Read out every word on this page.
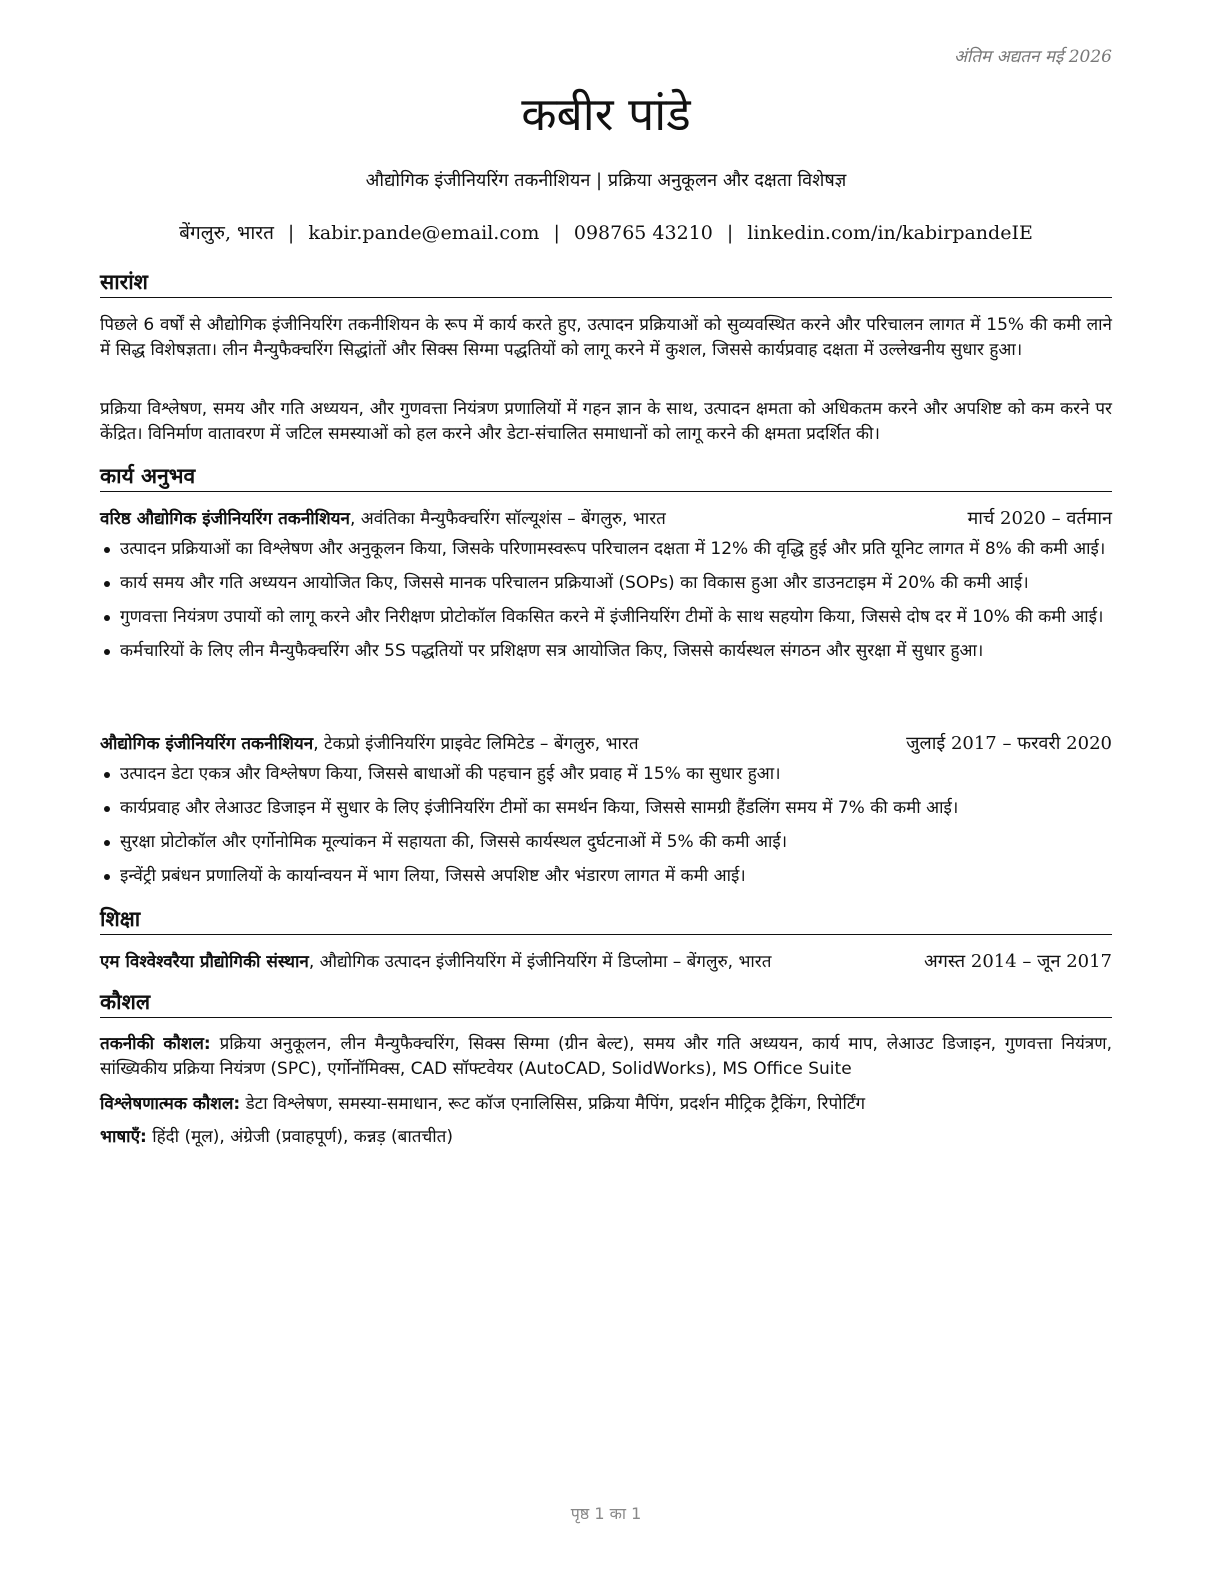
अंतिम अद्यतन मई 2026
कबीर पांडे
औद्योगिक इंजीनियरिंग तकनीशियन | प्रक्रिया अनुकूलन और दक्षता विशेषज्ञ
बेंगलुरु, भारत | kabir.pande@email.com | 098765 43210 | linkedin.com/in/kabirpandeIE
सारांश
पिछले 6 वर्षों से औद्योगिक इंजीनियरिंग तकनीशियन के रूप में कार्य करते हुए, उत्पादन प्रक्रियाओं को सुव्यवस्थित करने और परिचालन लागत में 15% की कमी लाने में सिद्ध विशेषज्ञता। लीन मैन्युफैक्चरिंग सिद्धांतों और सिक्स सिग्मा पद्धतियों को लागू करने में कुशल, जिससे कार्यप्रवाह दक्षता में उल्लेखनीय सुधार हुआ।
प्रक्रिया विश्लेषण, समय और गति अध्ययन, और गुणवत्ता नियंत्रण प्रणालियों में गहन ज्ञान के साथ, उत्पादन क्षमता को अधिकतम करने और अपशिष्ट को कम करने पर केंद्रित। विनिर्माण वातावरण में जटिल समस्याओं को हल करने और डेटा-संचालित समाधानों को लागू करने की क्षमता प्रदर्शित की।
कार्य अनुभव
वरिष्ठ औद्योगिक इंजीनियरिंग तकनीशियन, अवंतिका मैन्युफैक्चरिंग सॉल्यूशंस – बेंगलुरु, भारत	मार्च 2020 – वर्तमान
उत्पादन प्रक्रियाओं का विश्लेषण और अनुकूलन किया, जिसके परिणामस्वरूप परिचालन दक्षता में 12% की वृद्धि हुई और प्रति यूनिट लागत में 8% की कमी आई।
कार्य समय और गति अध्ययन आयोजित किए, जिससे मानक परिचालन प्रक्रियाओं (SOPs) का विकास हुआ और डाउनटाइम में 20% की कमी आई।
गुणवत्ता नियंत्रण उपायों को लागू करने और निरीक्षण प्रोटोकॉल विकसित करने में इंजीनियरिंग टीमों के साथ सहयोग किया, जिससे दोष दर में 10% की कमी आई।
कर्मचारियों के लिए लीन मैन्युफैक्चरिंग और 5S पद्धतियों पर प्रशिक्षण सत्र आयोजित किए, जिससे कार्यस्थल संगठन और सुरक्षा में सुधार हुआ।
औद्योगिक इंजीनियरिंग तकनीशियन, टेकप्रो इंजीनियरिंग प्राइवेट लिमिटेड – बेंगलुरु, भारत	जुलाई 2017 – फरवरी 2020
उत्पादन डेटा एकत्र और विश्लेषण किया, जिससे बाधाओं की पहचान हुई और प्रवाह में 15% का सुधार हुआ।
कार्यप्रवाह और लेआउट डिजाइन में सुधार के लिए इंजीनियरिंग टीमों का समर्थन किया, जिससे सामग्री हैंडलिंग समय में 7% की कमी आई।
सुरक्षा प्रोटोकॉल और एर्गोनोमिक मूल्यांकन में सहायता की, जिससे कार्यस्थल दुर्घटनाओं में 5% की कमी आई।
इन्वेंट्री प्रबंधन प्रणालियों के कार्यान्वयन में भाग लिया, जिससे अपशिष्ट और भंडारण लागत में कमी आई।
शिक्षा
एम विश्वेश्वरैया प्रौद्योगिकी संस्थान, औद्योगिक उत्पादन इंजीनियरिंग में इंजीनियरिंग में डिप्लोमा – बेंगलुरु, भारत	अगस्त 2014 – जून 2017
कौशल
तकनीकी कौशल: प्रक्रिया अनुकूलन, लीन मैन्युफैक्चरिंग, सिक्स सिग्मा (ग्रीन बेल्ट), समय और गति अध्ययन, कार्य माप, लेआउट डिजाइन, गुणवत्ता नियंत्रण, सांख्यिकीय प्रक्रिया नियंत्रण (SPC), एर्गोनॉमिक्स, CAD सॉफ्टवेयर (AutoCAD, SolidWorks), MS Office Suite
विश्लेषणात्मक कौशल: डेटा विश्लेषण, समस्या-समाधान, रूट कॉज एनालिसिस, प्रक्रिया मैपिंग, प्रदर्शन मीट्रिक ट्रैकिंग, रिपोर्टिंग
भाषाएँ: हिंदी (मूल), अंग्रेजी (प्रवाहपूर्ण), कन्नड़ (बातचीत)
पृष्ठ 1 का 1
